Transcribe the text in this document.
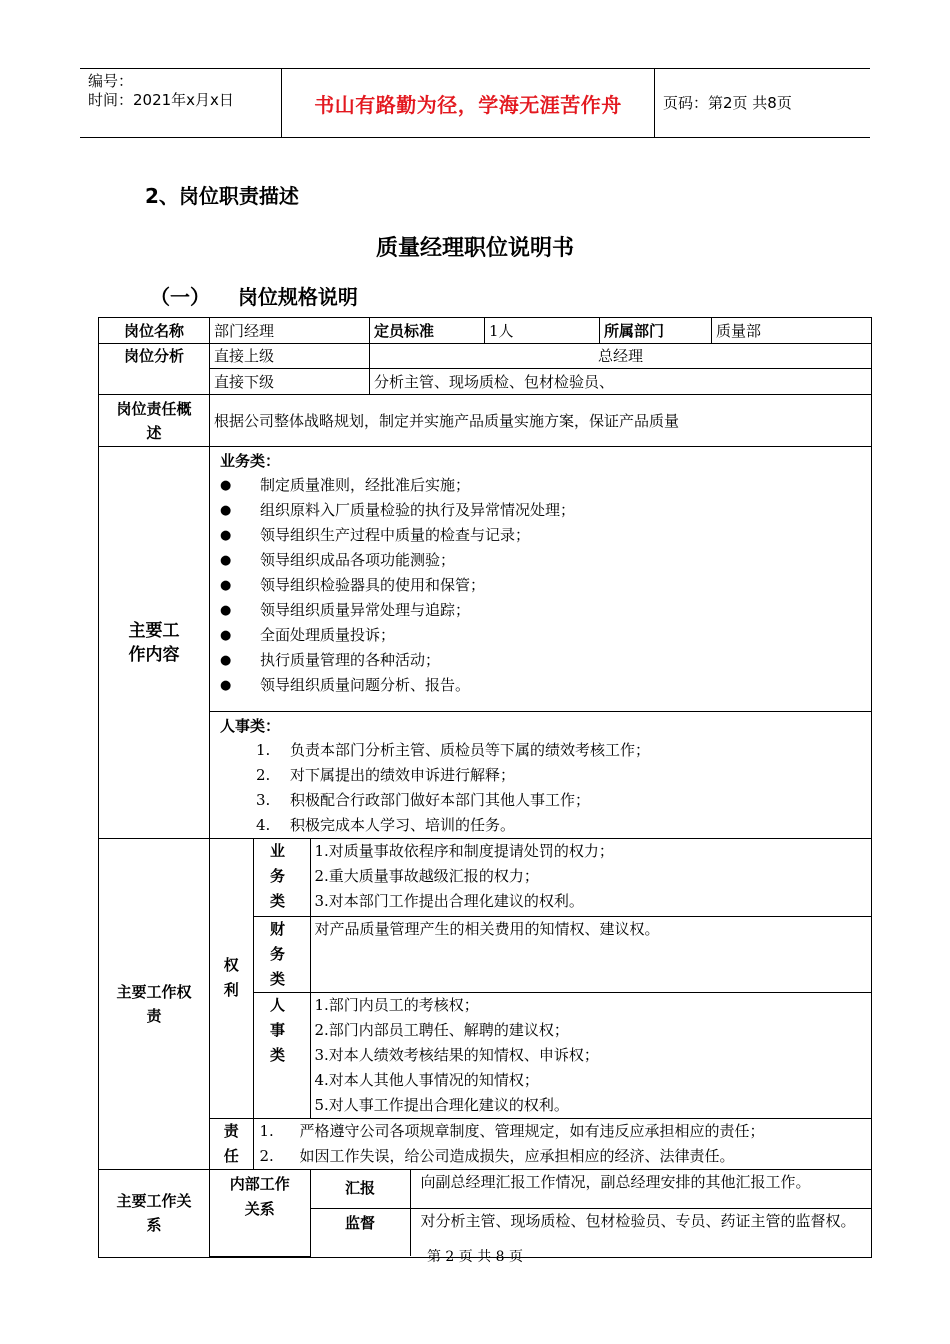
编号：
时间：2021年x月x日	书山有路勤为径，学海无涯苦作舟	页码：第2页 共8页
2、岗位职责描述
质量经理职位说明书
（一）    岗位规格说明
岗位名称	部门经理	定员标准	1人	所属部门	质量部
岗位分析	直接上级	总经理
直接下级	分析主管、现场质检、包材检验员、
岗位责任概述	根据公司整体战略规划，制定并实施产品质量实施方案，保证产品质量
主要工作内容	
业务类：
● 制定质量准则，经批准后实施；
● 组织原料入厂质量检验的执行及异常情况处理；
● 领导组织生产过程中质量的检查与记录；
● 领导组织成品各项功能测验；
● 领导组织检验器具的使用和保管；
● 领导组织质量异常处理与追踪；
● 全面处理质量投诉；
● 执行质量管理的各种活动；
● 领导组织质量问题分析、报告。

人事类：
1. 负责本部门分析主管、质检员等下属的绩效考核工作；
2. 对下属提出的绩效申诉进行解释；
3. 积极配合行政部门做好本部门其他人事工作；
4. 积极完成本人学习、培训的任务。

主要工作权责	
权利	业务类	
1.对质量事故依程序和制度提请处罚的权力；
2.重大质量事故越级汇报的权力；
3.对本部门工作提出合理化建议的权利。

财务类	对产品质量管理产生的相关费用的知情权、建议权。
人事类	
1.部门内员工的考核权；
2.部门内部员工聘任、解聘的建议权；
3.对本人绩效考核结果的知情权、申诉权；
4.对本人其他人事情况的知情权；
5.对人事工作提出合理化建议的权利。

责任	
1. 严格遵守公司各项规章制度、管理规定，如有违反应承担相应的责任；
2. 如因工作失误，给公司造成损失，应承担相应的经济、法律责任。

主要工作关系	
内部工作关系	汇报	向副总经理汇报工作情况，副总经理安排的其他汇报工作。
监督	对分析主管、现场质检、包材检验员、专员、药证主管的监督权。
第 2 页 共 8 页
